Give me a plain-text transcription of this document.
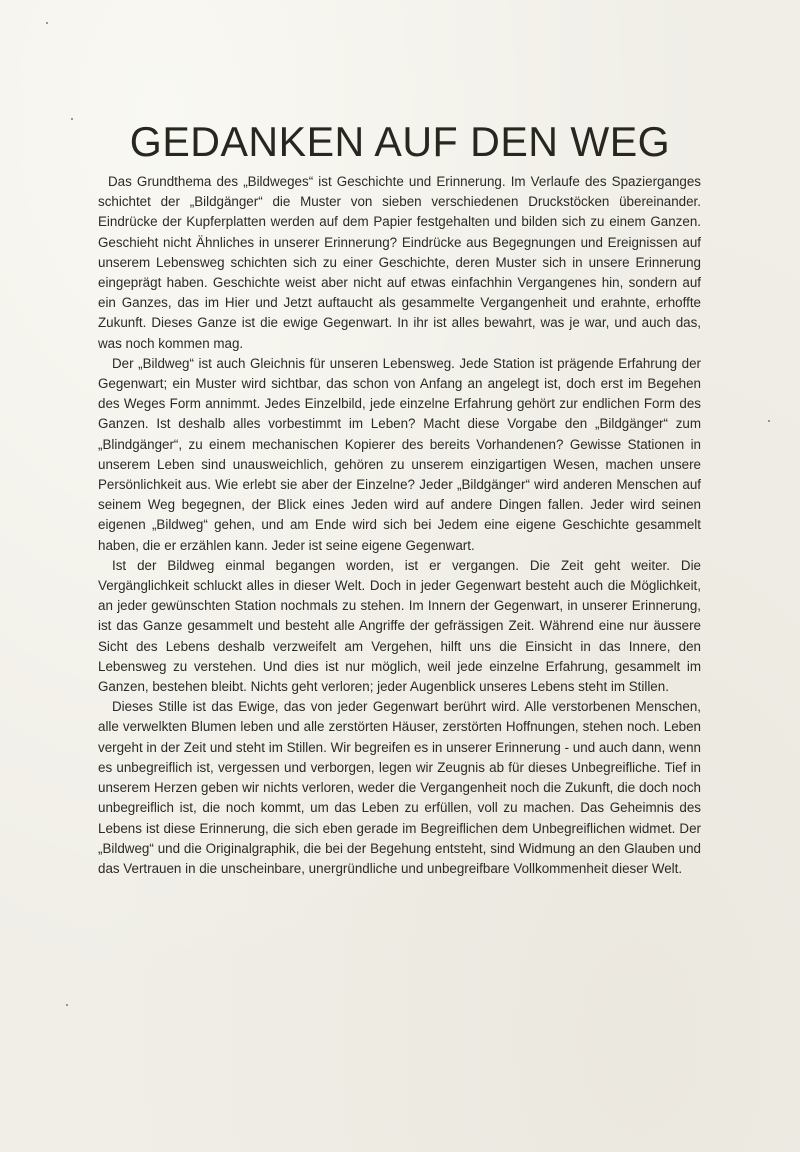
GEDANKEN AUF DEN WEG

Das Grundthema des „Bildweges“ ist Geschichte und Erinnerung. Im Verlaufe des Spazierganges schichtet der „Bildgänger“ die Muster von sieben verschiedenen Druckstöcken übereinander. Eindrücke der Kupferplatten werden auf dem Papier festgehalten und bilden sich zu einem Ganzen. Geschieht nicht Ähnliches in unserer Erinnerung? Eindrücke aus Begegnungen und Ereignissen auf unserem Lebensweg schichten sich zu einer Geschichte, deren Muster sich in unsere Erinnerung eingeprägt haben. Geschichte weist aber nicht auf etwas einfachhin Vergangenes hin, sondern auf ein Ganzes, das im Hier und Jetzt auftaucht als gesammelte Vergangenheit und erahnte, erhoffte Zukunft. Dieses Ganze ist die ewige Gegenwart. In ihr ist alles bewahrt, was je war, und auch das, was noch kommen mag.

Der „Bildweg“ ist auch Gleichnis für unseren Lebensweg. Jede Station ist prägende Erfahrung der Gegenwart; ein Muster wird sichtbar, das schon von Anfang an angelegt ist, doch erst im Begehen des Weges Form annimmt. Jedes Einzelbild, jede einzelne Erfahrung gehört zur endlichen Form des Ganzen. Ist deshalb alles vorbestimmt im Leben? Macht diese Vorgabe den „Bildgänger“ zum „Blindgänger“, zu einem mechanischen Kopierer des bereits Vorhandenen? Gewisse Stationen in unserem Leben sind unausweichlich, gehören zu unserem einzigartigen Wesen, machen unsere Persönlichkeit aus. Wie erlebt sie aber der Einzelne? Jeder „Bildgänger“ wird anderen Menschen auf seinem Weg begegnen, der Blick eines Jeden wird auf andere Dingen fallen. Jeder wird seinen eigenen „Bildweg“ gehen, und am Ende wird sich bei Jedem eine eigene Geschichte gesammelt haben, die er erzählen kann. Jeder ist seine eigene Gegenwart.

Ist der Bildweg einmal begangen worden, ist er vergangen. Die Zeit geht weiter. Die Vergänglichkeit schluckt alles in dieser Welt. Doch in jeder Gegenwart besteht auch die Möglichkeit, an jeder gewünschten Station nochmals zu stehen. Im Innern der Gegenwart, in unserer Erinnerung, ist das Ganze gesammelt und besteht alle Angriffe der gefrässigen Zeit. Während eine nur äussere Sicht des Lebens deshalb verzweifelt am Vergehen, hilft uns die Einsicht in das Innere, den Lebensweg zu verstehen. Und dies ist nur möglich, weil jede einzelne Erfahrung, gesammelt im Ganzen, bestehen bleibt. Nichts geht verloren; jeder Augenblick unseres Lebens steht im Stillen.

Dieses Stille ist das Ewige, das von jeder Gegenwart berührt wird. Alle verstorbenen Menschen, alle verwelkten Blumen leben und alle zerstörten Häuser, zerstörten Hoffnungen, stehen noch. Leben vergeht in der Zeit und steht im Stillen. Wir begreifen es in unserer Erinnerung - und auch dann, wenn es unbegreiflich ist, vergessen und verborgen, legen wir Zeugnis ab für dieses Unbegreifliche. Tief in unserem Herzen geben wir nichts verloren, weder die Vergangenheit noch die Zukunft, die doch noch unbegreiflich ist, die noch kommt, um das Leben zu erfüllen, voll zu machen. Das Geheimnis des Lebens ist diese Erinnerung, die sich eben gerade im Begreiflichen dem Unbegreiflichen widmet. Der „Bildweg“ und die Originalgraphik, die bei der Begehung entsteht, sind Widmung an den Glauben und das Vertrauen in die unscheinbare, unergründliche und unbegreifbare Vollkommenheit dieser Welt.
